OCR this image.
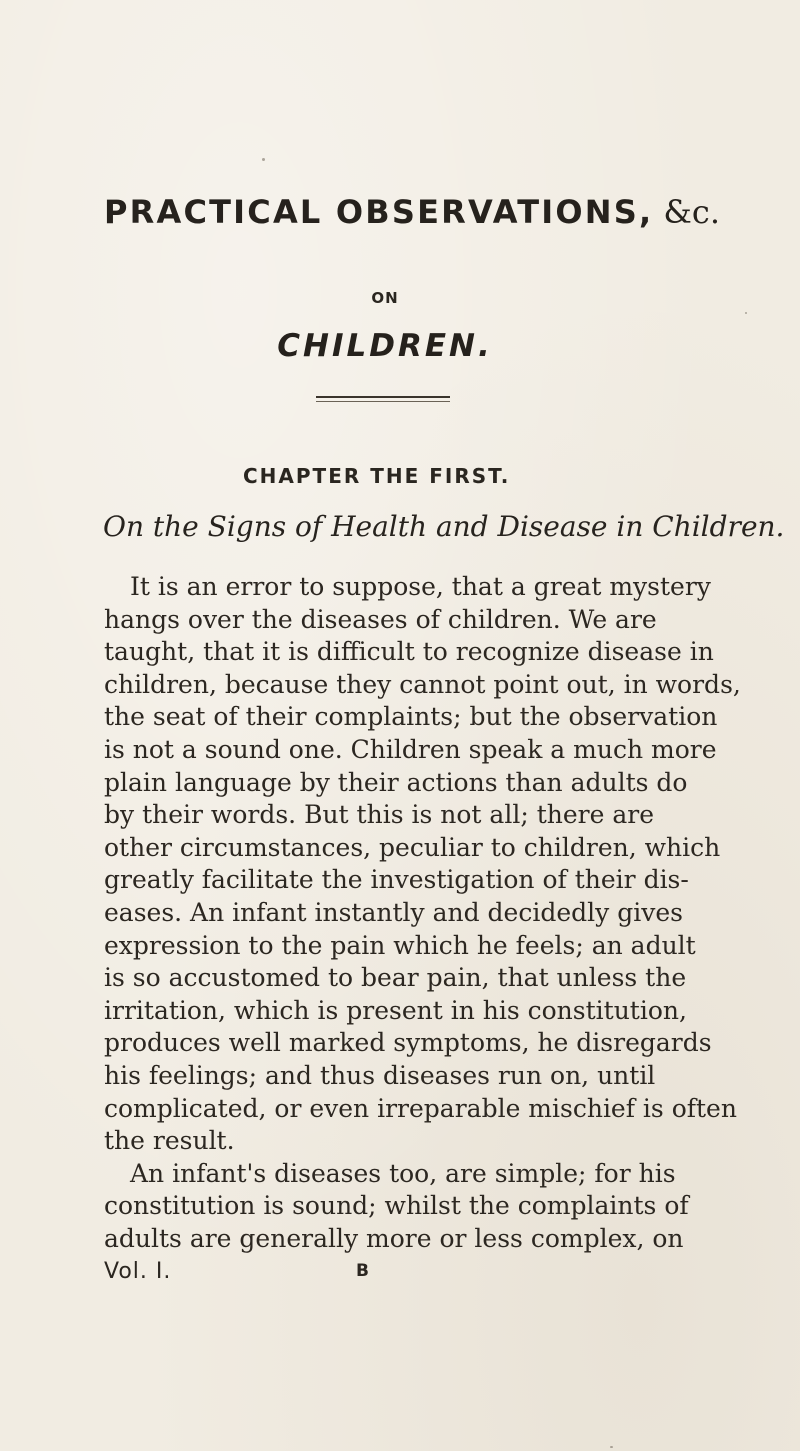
PRACTICAL OBSERVATIONS, &c.
ON
CHILDREN.
CHAPTER THE FIRST.
On the Signs of Health and Disease in Children.
It is an error to suppose, that a great mystery
hangs over the diseases of children. We are
taught, that it is difficult to recognize disease in
children, because they cannot point out, in words,
the seat of their complaints; but the observation
is not a sound one. Children speak a much more
plain language by their actions than adults do
by their words. But this is not all; there are
other circumstances, peculiar to children, which
greatly facilitate the investigation of their dis-
eases. An infant instantly and decidedly gives
expression to the pain which he feels; an adult
is so accustomed to bear pain, that unless the
irritation, which is present in his constitution,
produces well marked symptoms, he disregards
his feelings; and thus diseases run on, until
complicated, or even irreparable mischief is often
the result.
An infant's diseases too, are simple; for his
constitution is sound; whilst the complaints of
adults are generally more or less complex, on
Vol. I.	B
